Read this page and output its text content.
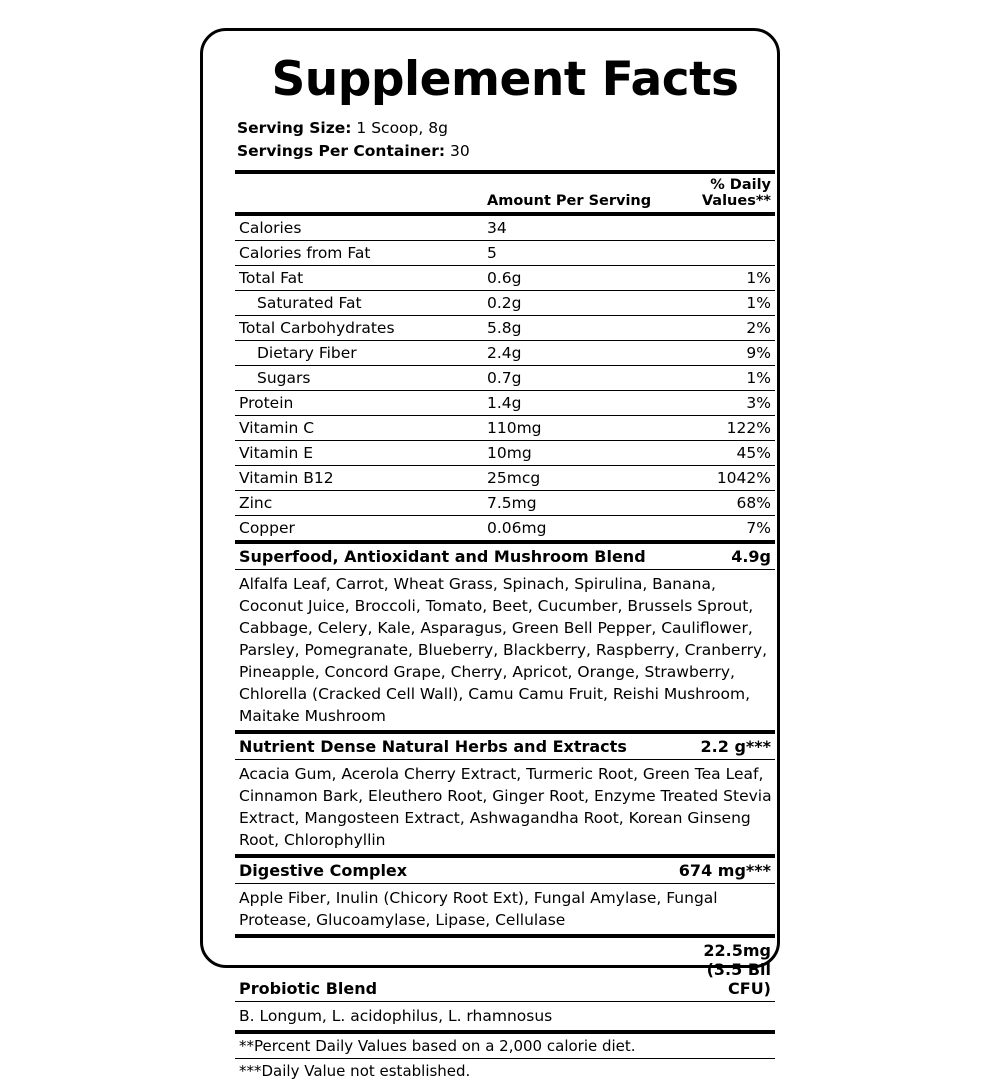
Supplement Facts
Serving Size: 1 Scoop, 8g
Servings Per Container: 30
	Amount Per Serving	% Daily Values**
Calories	34	
Calories from Fat	5	
Total Fat	0.6g	1%
Saturated Fat	0.2g	1%
Total Carbohydrates	5.8g	2%
Dietary Fiber	2.4g	9%
Sugars	0.7g	1%
Protein	1.4g	3%
Vitamin C	110mg	122%
Vitamin E	10mg	45%
Vitamin B12	25mcg	1042%
Zinc	7.5mg	68%
Copper	0.06mg	7%
Superfood, Antioxidant and Mushroom Blend		4.9g
Alfalfa Leaf, Carrot, Wheat Grass, Spinach, Spirulina, Banana, Coconut Juice, Broccoli, Tomato, Beet, Cucumber, Brussels Sprout, Cabbage, Celery, Kale, Asparagus, Green Bell Pepper, Cauliflower, Parsley, Pomegranate, Blueberry, Blackberry, Raspberry, Cranberry, Pineapple, Concord Grape, Cherry, Apricot, Orange, Strawberry, Chlorella (Cracked Cell Wall), Camu Camu Fruit, Reishi Mushroom, Maitake Mushroom		
Nutrient Dense Natural Herbs and Extracts		2.2 g***
Acacia Gum, Acerola Cherry Extract, Turmeric Root, Green Tea Leaf, Cinnamon Bark, Eleuthero Root, Ginger Root, Enzyme Treated Stevia Extract, Mangosteen Extract, Ashwagandha Root, Korean Ginseng Root, Chlorophyllin		
Digestive Complex		674 mg***
Apple Fiber, Inulin (Chicory Root Ext), Fungal Amylase, Fungal Protease, Glucoamylase, Lipase, Cellulase		
Probiotic Blend		22.5mg (3.5 Bil CFU)
B. Longum, L. acidophilus, L. rhamnosus		
**Percent Daily Values based on a 2,000 calorie diet.		
***Daily Value not established.		
